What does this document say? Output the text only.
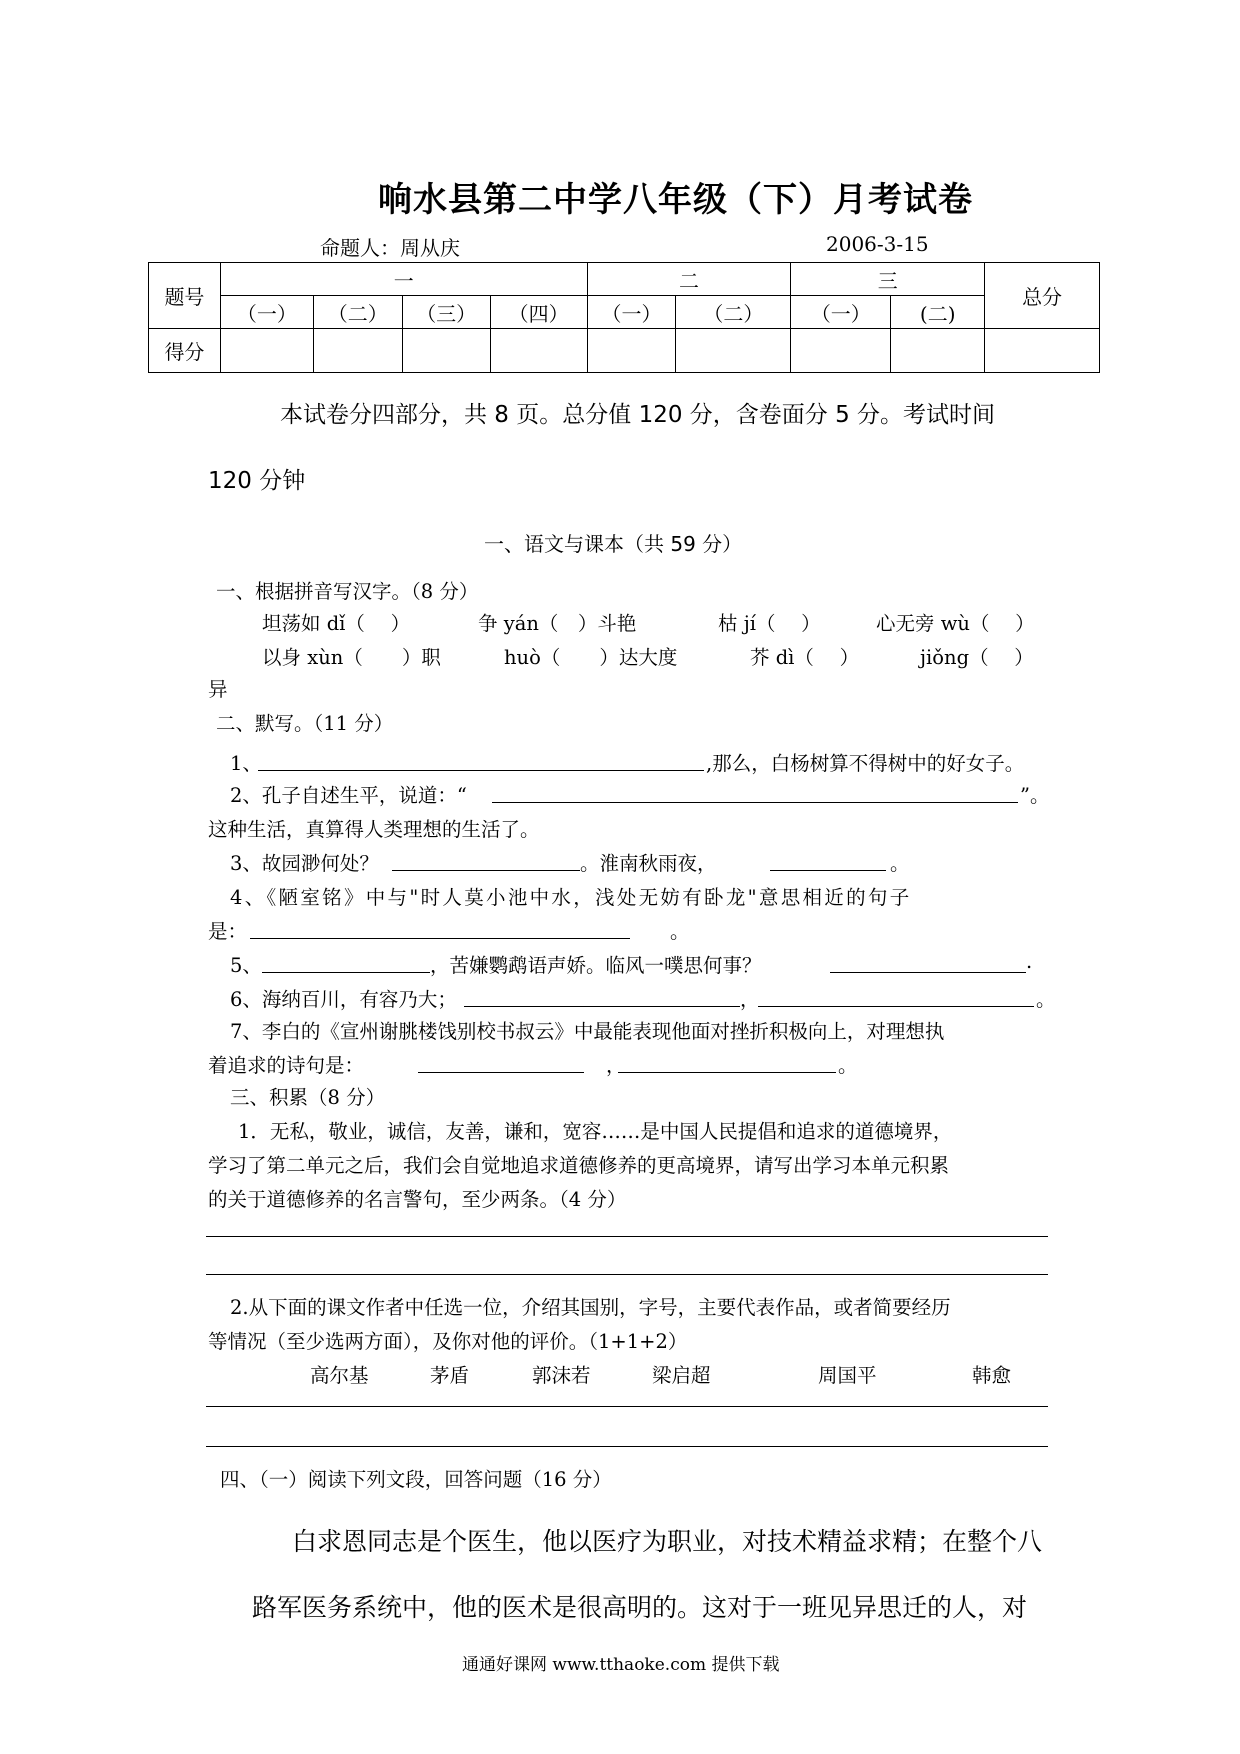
响水县第二中学八年级（下）月考试卷
命题人：周从庆	2006-3-15
题号	一				二		三		总分
	（一）	（二）	（三）	（四）	（一）	（二）	（一）	(二)	
得分									
本试卷分四部分，共 8 页。总分值 120 分，含卷面分 5 分。考试时间
120 分钟
一、语文与课本（共 59 分）
一、根据拼音写汉字。（8 分）
坦荡如 dǐ（　 ）	争 yán（　）斗艳	枯 jí（　 ）	心无旁 wù（　 ）
以身 xùn（　　）职	huò（　　）达大度	芥 dì（　 ）	jiǒng（　 ）
异
二、默写。（11 分）
1、	,那么，白杨树算不得树中的好女子。
2、孔子自述生平，说道：“	”。
这种生活，真算得人类理想的生活了。
3、故园渺何处？	。淮南秋雨夜，	。
4、《陋室铭》中与"时人莫小池中水，浅处无妨有卧龙"意思相近的句子
是：	。
5、	，苦嫌鹦鹉语声娇。临风一噗思何事？	.
6、海纳百川，有容乃大；	，	。
7、李白的《宣州谢朓楼饯别校书叔云》中最能表现他面对挫折积极向上，对理想执
着追求的诗句是：	，	。
三、积累（8 分）
1．无私，敬业，诚信，友善，谦和，宽容……是中国人民提倡和追求的道德境界，
学习了第二单元之后，我们会自觉地追求道德修养的更高境界，请写出学习本单元积累
的关于道德修养的名言警句，至少两条。（4 分）
2.从下面的课文作者中任选一位，介绍其国别，字号，主要代表作品，或者简要经历
等情况（至少选两方面），及你对他的评价。（1+1+2）
高尔基	茅盾	郭沫若	梁启超	周国平	韩愈
四、（一）阅读下列文段，回答问题（16 分）
白求恩同志是个医生，他以医疗为职业，对技术精益求精；在整个八
路军医务系统中，他的医术是很高明的。这对于一班见异思迁的人，对
通通好课网 www.tthaoke.com 提供下载
